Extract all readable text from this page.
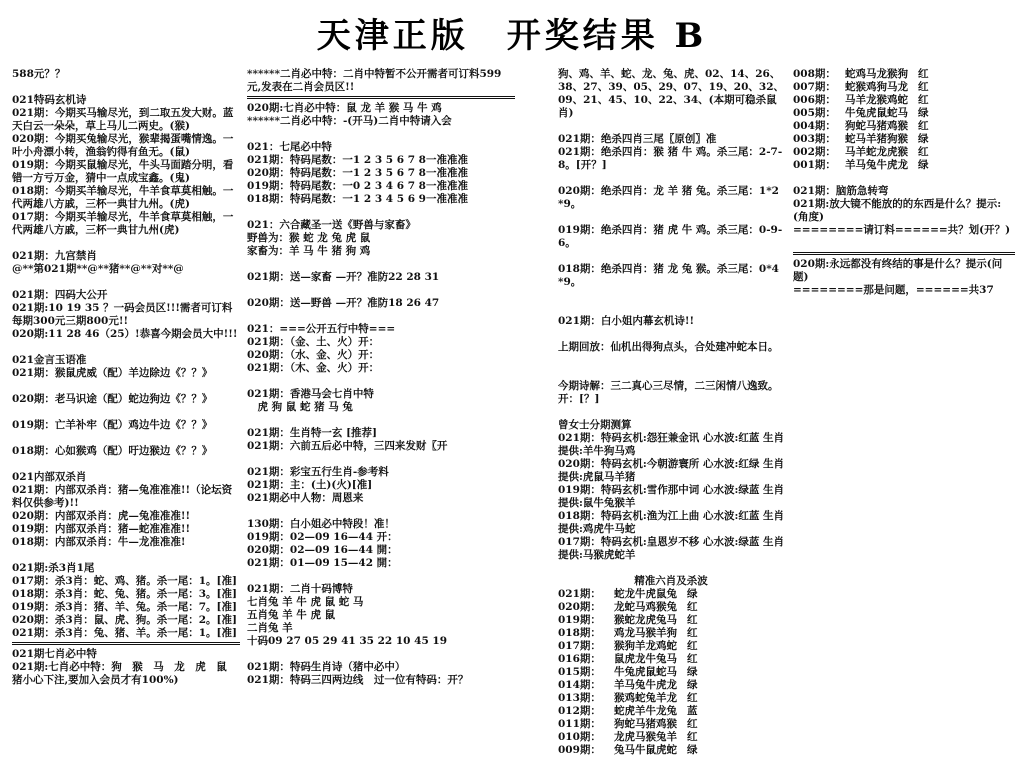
天津正版　开奖结果 B
588元？？
021特码玄机诗
021期：今期买马输尽光，到二取五发大财。蓝天白云一朵朵，草上马儿二两史。(猴)
020期：今期买兔输尽光，猴辈揭蛋嘴情逸。一叶小舟漂小转，渔翁钓得有鱼无。(鼠)
019期：今期买鼠输尽光，牛头马面踏分明，看错一方亏万金，猜中一点成宝鑫。(鬼)
018期：今期买羊输尽光，牛羊食草莫相触。一代两雄八方戚，三杯一典甘九州。(虎)
017期：今期买羊输尽光，牛羊食草莫相触，一代两雄八方戚，三杯一典甘九州(虎)
021期：九宫禁肖
@**第021期**@**猪**@**对**@
021期：四码大公开
021期:10 19 35 ？一码会员区!!!需者可订料每期300元三期800元!!
020期:11 28 46（25）!恭喜今期会员大中!!!
021金言玉语准
021期：猴鼠虎威（配）羊边除边《？？》
020期：老马识途（配）蛇边狗边《？？》
019期：亡羊补牢（配）鸡边牛边《？？》
018期：心如猴鸡（配）吁边猴边《？？》
021内部双杀肖
021期：内部双杀肖：猪—兔准准准!!（论坛资料仅供参考)!!
020期：内部双杀肖：虎—兔准准准!!
019期：内部双杀肖：猪—蛇准准准!!
018期：内部双杀肖：牛—龙准准准!
021期:杀3肖1尾
017期：杀3肖：蛇、鸡、猪。杀一尾：1。[准]
018期：杀3肖：蛇、兔、猪。杀一尾：3。[准]
019期：杀3肖：猪、羊、兔。杀一尾：7。[准]
020期：杀3肖：鼠、虎、狗。杀一尾：2。[准]
021期：杀3肖：兔、猪、羊。杀一尾：1。[准]
021期七肖必中特
021期:七肖必中特：狗　猴　马　龙　虎　鼠　猪小心下注,要加入会员才有100%)
******二肖必中特：二肖中特暂不公开需者可订料599元,发表在二肖会员区!!
020期:七肖必中特：鼠 龙 羊 猴 马 牛 鸡
******二肖必中特：-(开马)二肖中特请入会
021：七尾必中特
021期：特码尾数：一1 2 3 5 6 7 8一准准准
020期：特码尾数：一1 2 3 5 6 7 8一准准准
019期：特码尾数：一0 2 3 4 6 7 8一准准准
018期：特码尾数：一1 2 3 4 5 6 9一准准准
021：六合藏圣一送《野兽与家畜》
野兽为：猴 蛇 龙 兔 虎 鼠
家畜为：羊 马 牛 猪 狗 鸡
021期：送—家畜 —开？准防22 28 31
020期：送—野兽 —开？准防18 26 47
021：===公开五行中特===
021期：（金、土、火）开：
020期：（水、金、火）开：
021期：（木、金、火）开：
021期：香港马会七肖中特
　虎 狗 鼠 蛇 猪 马 兔
021期：生肖特一玄 [推荐]
021期：六前五后必中特，三四来发财〖开
021期：彩宝五行生肖-参考料
021期：主：(土)(火)[准]
021期必中人物：周恩来
130期：白小姐必中特段！准！
019期：02—09 16—44 开：
020期：02—09 16—44 開：
021期：01—09 15—42 開：
021期：二肖十码博特
七肖兔 羊 牛 虎 鼠 蛇 马
五肖兔 羊 牛 虎 鼠
二肖兔 羊
十码09 27 05 29 41 35 22 10 45 19
021期：特码生肖诗（猪中必中）
021期：特码三四两边线　过一位有特码：开？
狗、鸡、羊、蛇、龙、兔、虎、02、14、26、38、27、39、05、29、07、19、20、32、09、21、45、10、22、34、(本期可稳杀鼠肖)
021期：绝杀四肖三尾〖原创〗准
021期：绝杀四肖：猴 猪 牛 鸡。杀三尾：2-7-8。[开？]
020期：绝杀四肖：龙 羊 猪 兔。杀三尾：1*2*9。
019期：绝杀四肖：猪 虎 牛 鸡。杀三尾：0-9-6。
018期：绝杀四肖：猪 龙 兔 猴。杀三尾：0*4*9。
021期：白小姐内幕玄机诗!!
上期回放：仙机出得狗点头，合处建冲蛇本日。
今期诗解：三二真心三尽情，二三闲情八逸致。开：[？]
曾女士分期测算
021期：特码玄机:怨狂兼金讯 心水波:红蓝 生肖提供:羊牛狗马鸡
020期：特码玄机:今朝游寰所 心水波:红绿 生肖提供:虎鼠马羊猪
019期：特码玄机:雪作那中词 心水波:绿蓝 生肖提供:鼠牛兔猴羊
018期：特码玄机:渔为江上曲 心水波:红蓝 生肖提供:鸡虎牛马蛇
017期：特码玄机:皇恩岁不移 心水波:绿蓝 生肖提供:马猴虎蛇羊
精准六肖及杀波
021期：	蛇龙牛虎鼠兔 绿
020期：	龙蛇马鸡猴兔 红
019期：	猴蛇龙虎兔马 红
018期：	鸡龙马猴羊狗 红
017期：	猴狗羊龙鸡蛇 红
016期：	鼠虎龙牛兔马 红
015期：	牛兔虎鼠蛇马 绿
014期：	羊马兔牛虎龙 绿
013期：	猴鸡蛇兔羊龙 红
012期：	蛇虎羊牛龙兔 蓝
011期：	狗蛇马猪鸡猴 红
010期：	龙虎马猴兔羊 红
009期：	兔马牛鼠虎蛇 绿
008期： 蛇鸡马龙猴狗 红
007期： 蛇猴鸡狗马龙 红
006期： 马羊龙猴鸡蛇 红
005期： 牛兔虎鼠蛇马 绿
004期： 狗蛇马猪鸡猴 红
003期： 蛇马羊猪狗猴 绿
002期： 马羊蛇龙虎猴 红
001期： 羊马兔牛虎龙 绿
021期：脑筋急转弯
021期:放大镜不能放的的东西是什么？提示:(角度)
========请订料======共？划(开？)
020期:永远都没有终结的事是什么？提示(问题)
========那是问题，======共37
